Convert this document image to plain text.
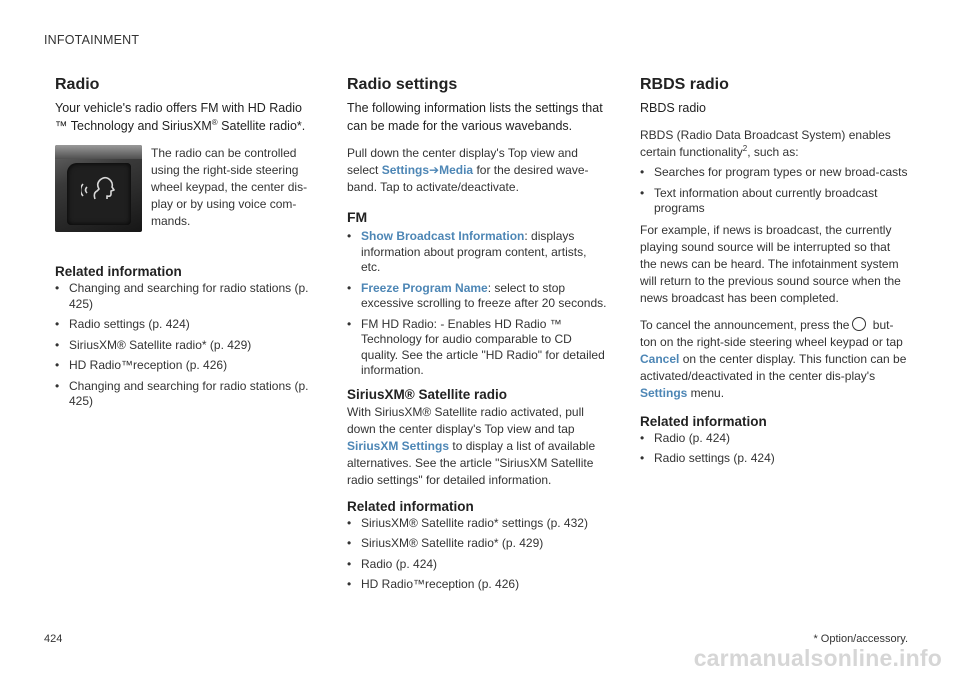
INFOTAINMENT
Radio

Your vehicle's radio offers FM with HD Radio ™ Technology and SiriusXM® Satellite radio*.

The radio can be controlled using the right-side steering wheel keypad, the center dis-play or by using voice com-mands.

Related information
• Changing and searching for radio stations (p. 425)
• Radio settings (p. 424)
• SiriusXM® Satellite radio* (p. 429)
• HD Radio™reception (p. 426)
• Changing and searching for radio stations (p. 425)
Radio settings

The following information lists the settings that can be made for the various wavebands.

Pull down the center display's Top view and select Settings➔Media for the desired wave-band. Tap to activate/deactivate.

FM
• Show Broadcast Information: displays information about program content, artists, etc.
• Freeze Program Name: select to stop excessive scrolling to freeze after 20 seconds.
• FM HD Radio: - Enables HD Radio ™ Technology for audio comparable to CD quality. See the article "HD Radio" for detailed information.
SiriusXM® Satellite radio

With SiriusXM® Satellite radio activated, pull down the center display's Top view and tap SiriusXM Settings to display a list of available alternatives. See the article "SiriusXM Satellite radio settings" for detailed information.

Related information
• SiriusXM® Satellite radio* settings (p. 432)
• SiriusXM® Satellite radio* (p. 429)
• Radio (p. 424)
• HD Radio™reception (p. 426)
RBDS radio

RBDS radio

RBDS (Radio Data Broadcast System) enables certain functionality$^2$, such as:

• Searches for program types or new broad-casts
• Text information about currently broadcast programs

For example, if news is broadcast, the currently playing sound source will be interrupted so that the news can be heard. The infotainment system will return to the previous sound source when the news broadcast has been completed.

To cancel the announcement, press the but-ton on the right-side steering wheel keypad or tap Cancel on the center display. This function can be activated/deactivated in the center dis-play's Settings menu.

Related information
• Radio (p. 424)
• Radio settings (p. 424)
424	* Option/accessory.
carmanualsonline.info
